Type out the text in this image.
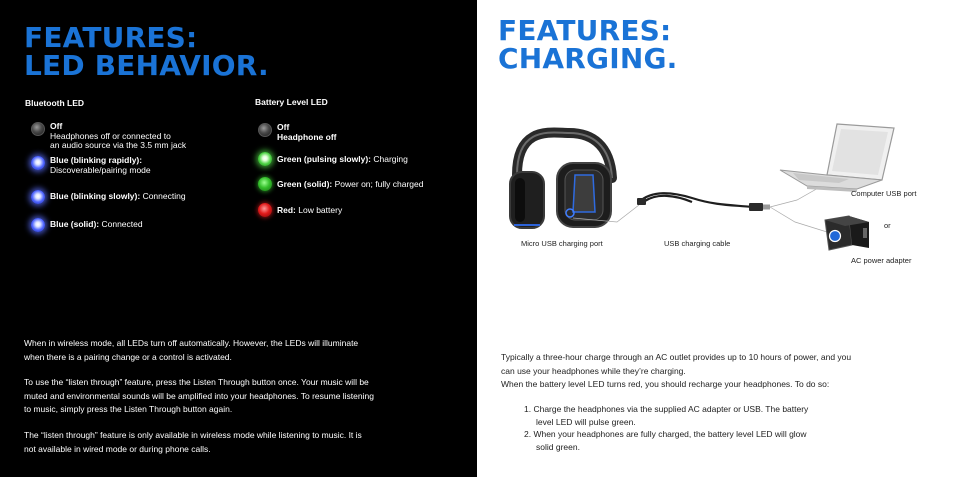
FEATURES:
LED BEHAVIOR.
Bluetooth LED	Battery Level LED
Off
Headphones off or connected to
an audio source via the 3.5 mm jack
Blue (blinking rapidly):
Discoverable/pairing mode
Blue (blinking slowly): Connecting
Blue (solid): Connected
Off
Headphone off
Green (pulsing slowly): Charging
Green (solid): Power on; fully charged
Red: Low battery
When in wireless mode, all LEDs turn off automatically. However, the LEDs will illuminate
when there is a pairing change or a control is activated.
To use the “listen through” feature, press the Listen Through button once. Your music will be
muted and environmental sounds will be amplified into your headphones. To resume listening
to music, simply press the Listen Through button again.
The “listen through” feature is only available in wireless mode while listening to music. It is
not available in wired mode or during phone calls.
FEATURES:
CHARGING.
Computer USB port
or
AC power adapter
Micro USB charging port	USB charging cable
Typically a three-hour charge through an AC outlet provides up to 10 hours of power, and you
can use your headphones while they’re charging.
When the battery level LED turns red, you should recharge your headphones. To do so:
1. Charge the headphones via the supplied AC adapter or USB. The battery
level LED will pulse green.
2. When your headphones are fully charged, the battery level LED will glow
solid green.
